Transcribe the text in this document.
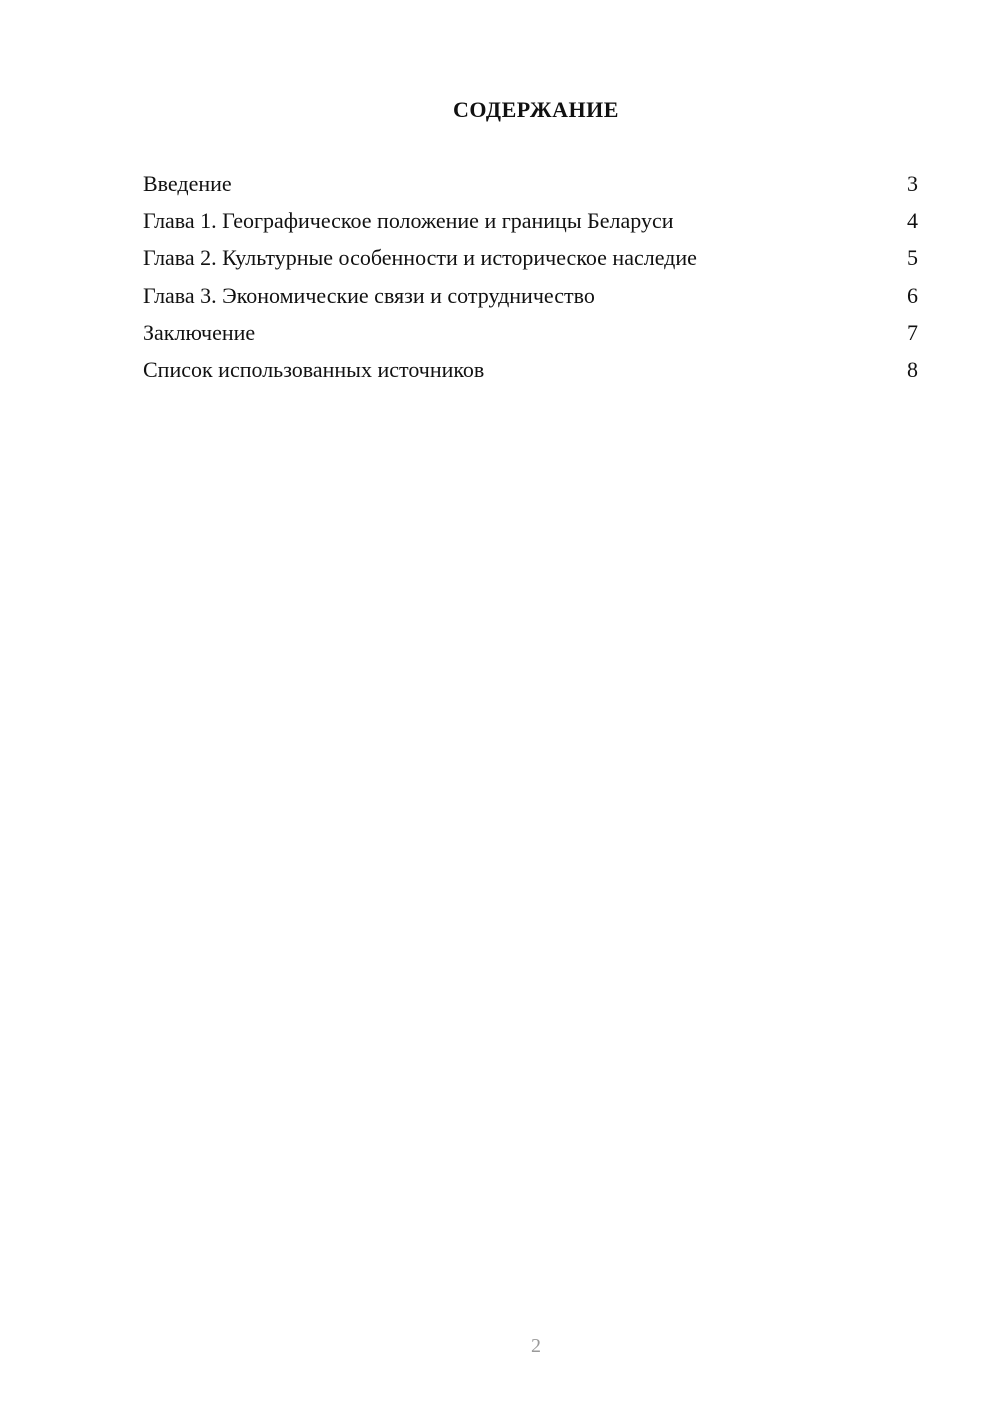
СОДЕРЖАНИЕ
Введение	3
Глава 1. Географическое положение и границы Беларуси	4
Глава 2. Культурные особенности и историческое наследие	5
Глава 3. Экономические связи и сотрудничество	6
Заключение	7
Список использованных источников	8
2
